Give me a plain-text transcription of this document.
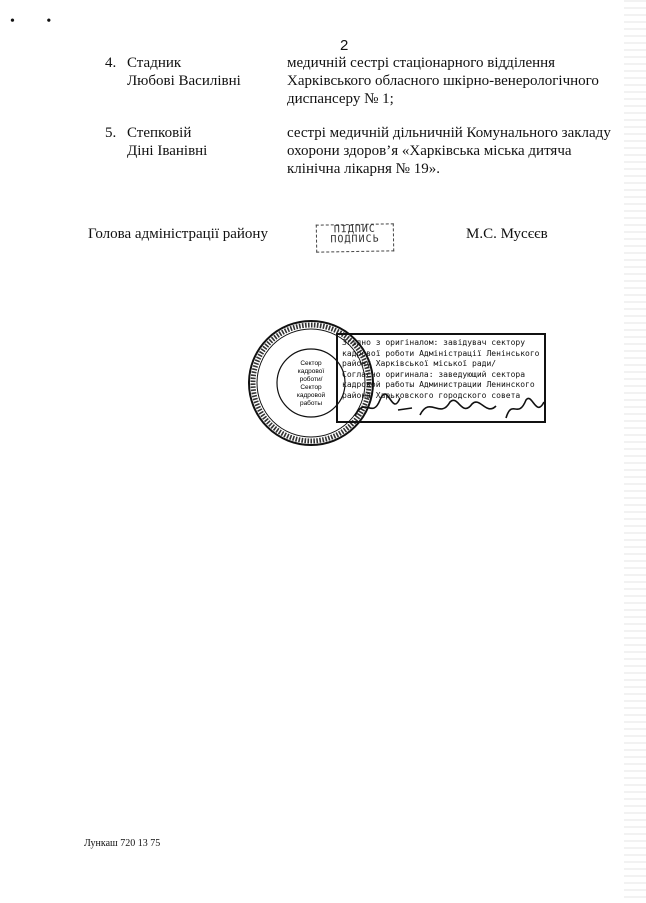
• •
2
4. Стадник
Любові Василівні
медичній сестрі стаціонарного відділення Харківського обласного шкірно-венерологічного диспансеру № 1;
5. Степковій
Діні Іванівні
сестрі медичній дільничній Комунального закладу охорони здоров’я «Харківська міська дитяча клінічна лікарня № 19».
Голова адміністрації району	М.С. Мусєєв
ПІДПИС
ПОДПИСЬ
Сектор
кадрової
роботи/
Сектор
кадровой
работы
Згідно з оригіналом: завідувач сектору
кадрової роботи Адміністрації Ленінського
району Харківської міської ради/
Согласно оригинала: заведующий сектора
кадровой работы Администрации Ленинского
района Харьковского городского совета
Лункаш 720 13 75
